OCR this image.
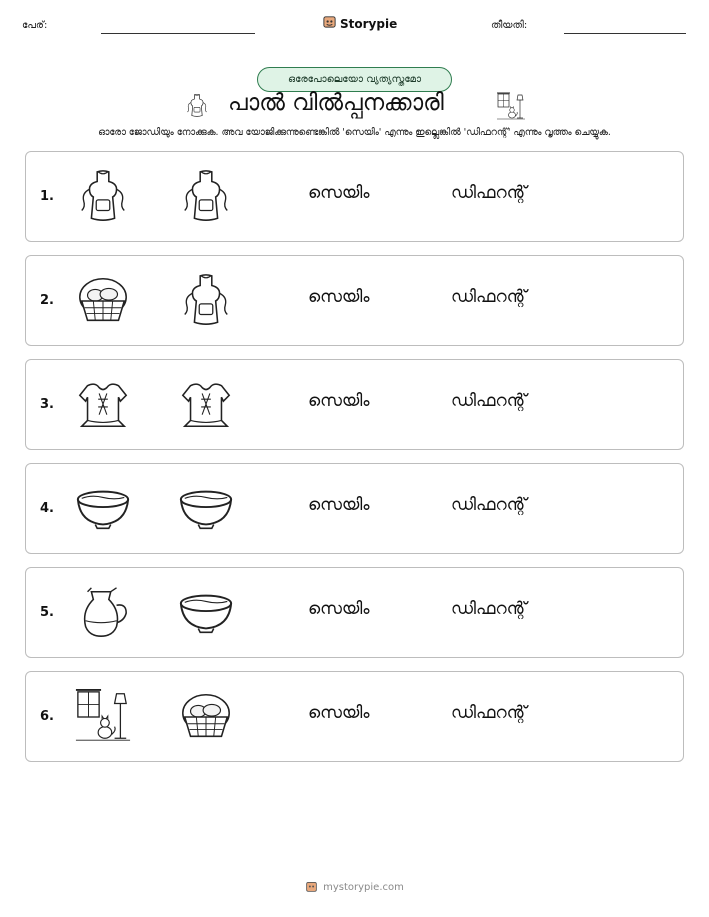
പേര്:	Storypie	തീയതി:
ഒരേപോലെയോ വ്യത്യസ്തമോ
പാൽ വിൽപ്പനക്കാരി
ഓരോ ജോഡിയും നോക്കുക. അവ യോജിക്കുന്നുണ്ടെങ്കിൽ 'സെയിം' എന്നും ഇല്ലെങ്കിൽ 'ഡിഫറന്റ്' എന്നും വൃത്തം ചെയ്യുക.
1.	സെയിം	ഡിഫറന്റ്
2.	സെയിം	ഡിഫറന്റ്
3.	സെയിം	ഡിഫറന്റ്
4.	സെയിം	ഡിഫറന്റ്
5.	സെയിം	ഡിഫറന്റ്
6.	സെയിം	ഡിഫറന്റ്
mystorypie.com
